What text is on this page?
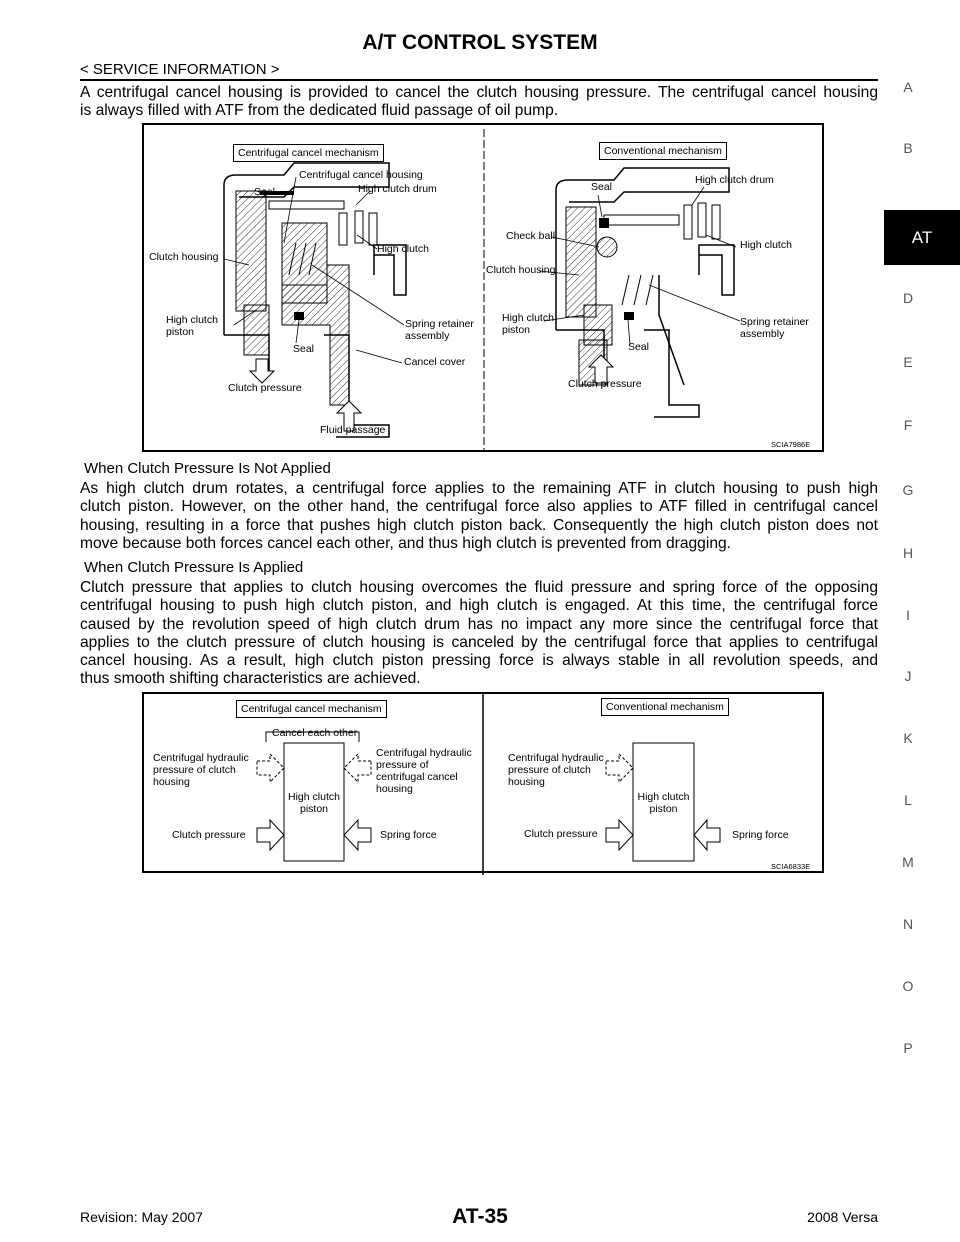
A/T CONTROL SYSTEM
< SERVICE INFORMATION >
A centrifugal cancel housing is provided to cancel the clutch housing pressure. The centrifugal cancel housing
is always filled with ATF from the dedicated fluid passage of oil pump.
Centrifugal cancel mechanism
Centrifugal cancel housing
Seal	High clutch drum
Clutch housing
High clutch
High clutch
piston
Spring retainer
assembly
Seal
Cancel cover
Clutch pressure
Fluid passage
Conventional mechanism
Seal
High clutch drum
Check ball
High clutch
Clutch housing
High clutch
piston
Spring retainer
assembly
Seal
Clutch pressure
SCIA7986E
When Clutch Pressure Is Not Applied
As high clutch drum rotates, a centrifugal force applies to the remaining ATF in clutch housing to push high
clutch piston. However, on the other hand, the centrifugal force also applies to ATF filled in centrifugal cancel
housing, resulting in a force that pushes high clutch piston back. Consequently the high clutch piston does not
move because both forces cancel each other, and thus high clutch is prevented from dragging.
When Clutch Pressure Is Applied
Clutch pressure that applies to clutch housing overcomes the fluid pressure and spring force of the opposing
centrifugal housing to push high clutch piston, and high clutch is engaged. At this time, the centrifugal force
caused by the revolution speed of high clutch drum has no impact any more since the centrifugal force that
applies to the clutch pressure of clutch housing is canceled by the centrifugal force that applies to centrifugal
cancel housing. As a result, high clutch piston pressing force is always stable in all revolution speeds, and
thus smooth shifting characteristics are achieved.
Centrifugal cancel mechanism
Cancel each other
Centrifugal hydraulic
pressure of clutch
housing
Centrifugal hydraulic
pressure of
centrifugal cancel
housing
High clutch
piston
Clutch pressure	Spring force
Conventional mechanism
Centrifugal hydraulic
pressure of clutch
housing
High clutch
piston
Clutch pressure	Spring force
SCIA6833E
A
B
AT
D
E
F
G
H
I
J
K
L
M
N
O
P
Revision: May 2007	AT-35	2008 Versa
